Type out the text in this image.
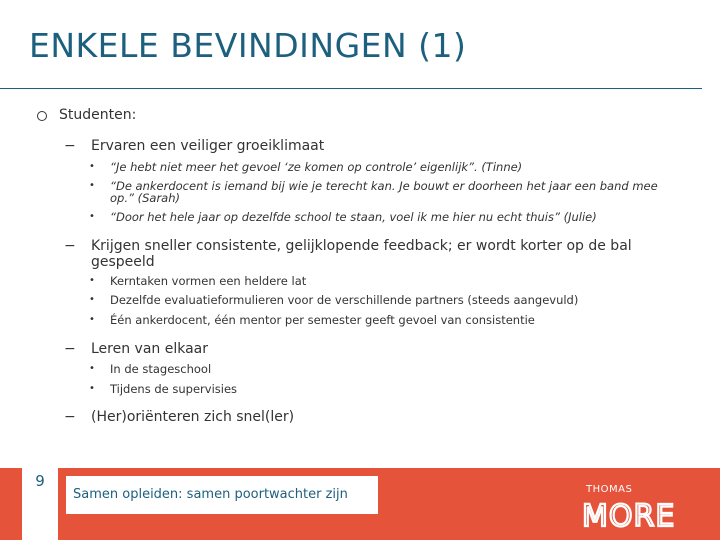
ENKELE BEVINDINGEN (1)
Studenten:
− Ervaren een veiliger groeiklimaat
• “Je hebt niet meer het gevoel ‘ze komen op controle’ eigenlijk”. (Tinne)
• “De ankerdocent is iemand bij wie je terecht kan. Je bouwt er doorheen het jaar een band mee op.” (Sarah)
• “Door het hele jaar op dezelfde school te staan, voel ik me hier nu echt thuis” (Julie)
− Krijgen sneller consistente, gelijklopende feedback; er wordt korter op de bal gespeeld
• Kerntaken vormen een heldere lat
• Dezelfde evaluatieformulieren voor de verschillende partners (steeds aangevuld)
• Één ankerdocent, één mentor per semester geeft gevoel van consistentie
− Leren van elkaar
• In de stageschool
• Tijdens de supervisies
− (Her)oriënteren zich snel(ler)
9
Samen opleiden: samen poortwachter zijn	THOMAS
MORE
